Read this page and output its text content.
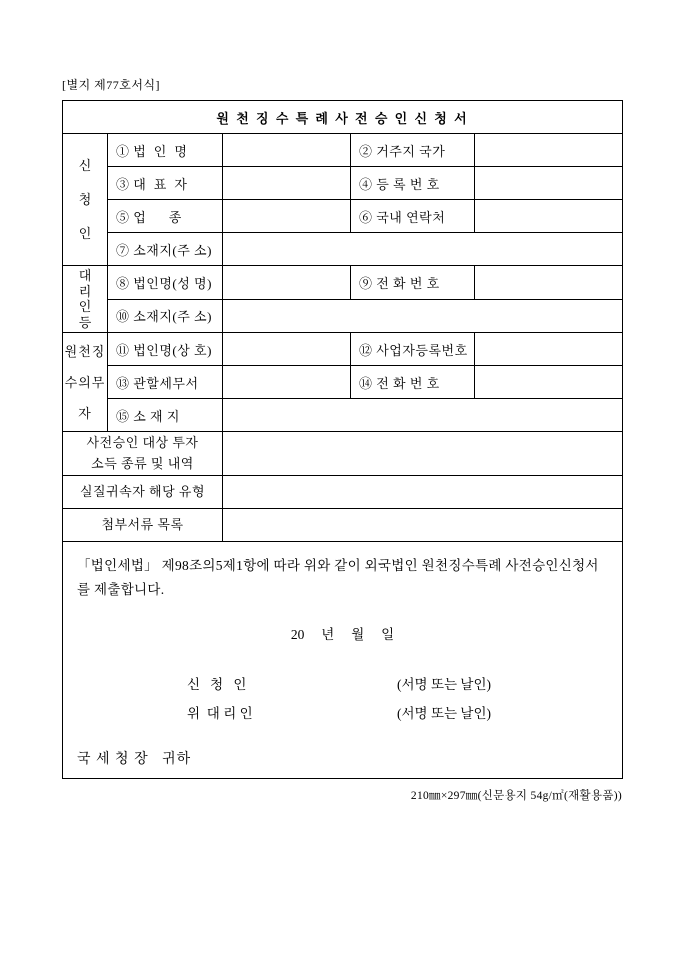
[별지 제77호서식]
원 천 징 수 특 례 사 전 승 인 신 청 서				

신
청
인	① 법  인  명		② 거주지 국가	
	③ 대  표  자		④ 등 록 번 호	
	⑤ 업      종		⑥ 국내 연락처	
	⑦ 소재지(주 소)			

대
리
인
등	⑧ 법인명(성 명)		⑨ 전 화 번 호	
	⑩ 소재지(주 소)			

원천징
수의무
자	⑪ 법인명(상 호)		⑫ 사업자등록번호	
	⑬ 관할세무서		⑭ 전 화 번 호	
	⑮ 소 재 지			

사전승인 대상 투자
소득 종류 및 내역				

실질귀속자 해당 유형				

첨부서류 목록				

「법인세법」 제98조의5제1항에 따라 위와 같이 외국법인 원천징수특례 사전승인신청서를 제출합니다.

20     년     월     일
신   청   인	(서명 또는 날인)
위  대 리 인	(서명 또는 날인)
국 세 청 장   귀하
210㎜×297㎜(신문용지 54g/㎡(재활용품))
